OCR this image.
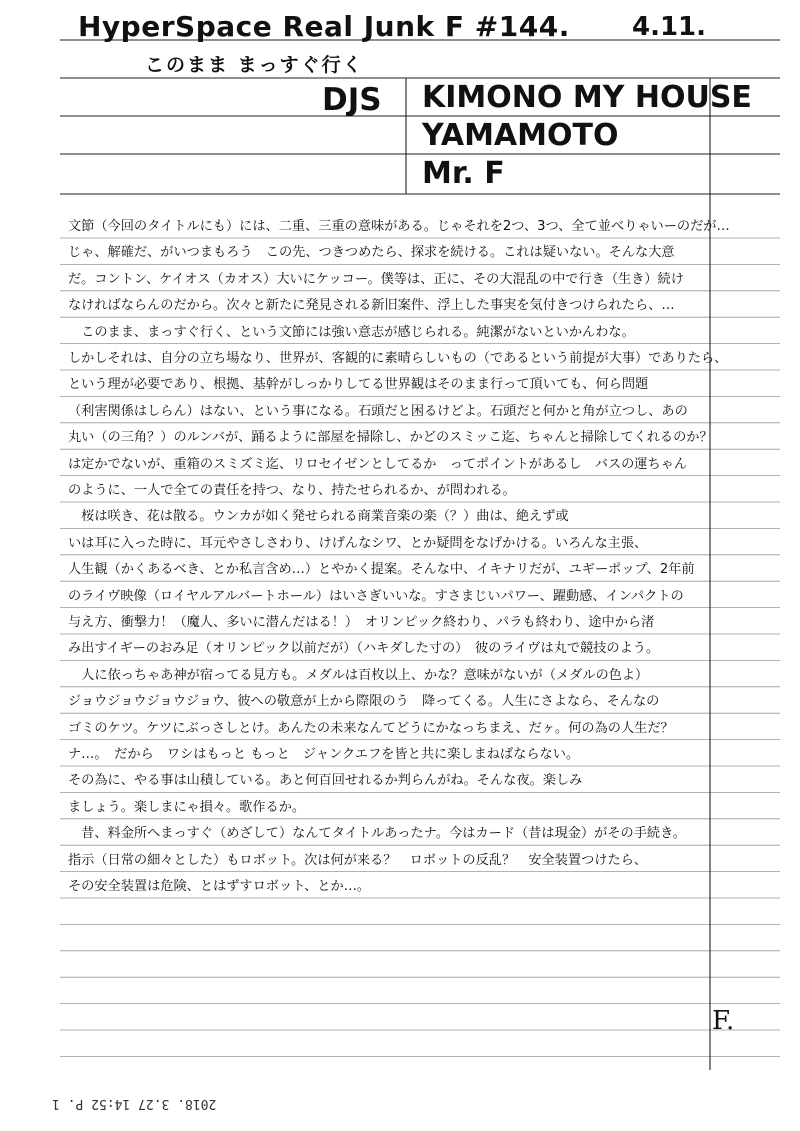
HyperSpace Real Junk F #144. 4.11.
このまま まっすぐ行く
DJS KIMONO MY HOUSE
YAMAMOTO
Mr. F
文節（今回のタイトルにも）には、二重、三重の意味がある。じゃそれを2つ、3つ、全て並べりゃいーのだが…
じゃ、解確だ、がいつまもろう　この先、つきつめたら、探求を続ける。これは疑いない。そんな大意
だ。コントン、ケイオス（カオス）大いにケッコー。僕等は、正に、その大混乱の中で行き（生き）続け
なければならんのだから。次々と新たに発見される新旧案件、浮上した事実を気付きつけられたら、…
　このまま、まっすぐ行く、という文節には強い意志が感じられる。純潔がないといかんわな。
しかしそれは、自分の立ち場なり、世界が、客観的に素晴らしいもの（であるという前提が大事）でありたら、
という理が必要であり、根拠、基幹がしっかりしてる世界観はそのまま行って頂いても、何ら問題
（利害関係はしらん）はない、という事になる。石頭だと困るけどよ。石頭だと何かと角が立つし、あの
丸い（の三角？）のルンバが、踊るように部屋を掃除し、かどのスミッこ迄、ちゃんと掃除してくれるのか？
は定かでないが、重箱のスミズミ迄、リロセイゼンとしてるか　ってポイントがあるし　バスの運ちゃん
のように、一人で全ての責任を持つ、なり、持たせられるか、が問われる。
　桜は咲き、花は散る。ウンカが如く発せられる商業音楽の楽（？）曲は、絶えず或
いは耳に入った時に、耳元やさしさわり、けげんなシワ、とか疑問をなげかける。いろんな主張、
人生観（かくあるべき、とか私言含め…）とやかく提案。そんな中、イキナリだが、ユギーポップ、2年前
のライヴ映像（ロイヤルアルバートホール）はいさぎいいな。すさまじいパワー、躍動感、インパクトの
与え方、衝撃力！（魔人、多いに潜んだはる！）　オリンピック終わり、パラも終わり、途中から渚
み出すイギーのおみ足（オリンピック以前だが）（ハキダした寸の）　彼のライヴは丸で競技のよう。
　人に依っちゃあ神が宿ってる見方も。メダルは百枚以上、かな？意味がないが（メダルの色よ）
ジョウジョウジョウジョウ、彼への敬意が上から際限のう　降ってくる。人生にさよなら、そんなの
ゴミのケツ。ケツにぶっさしとけ。あんたの未来なんてどうにかなっちまえ、だヶ。何の為の人生だ？
ナ…。　だから　ワシはもっと もっと　ジャンクエフを皆と共に楽しまねばならない。
その為に、やる事は山積している。あと何百回せれるか判らんがね。そんな夜。楽しみ
ましょう。楽しまにゃ損々。歌作るか。
　昔、料金所へまっすぐ（めざして）なんてタイトルあったナ。今はカード（昔は現金）がその手続き。
指示（日常の細々とした）もロボット。次は何が来る？　ロボットの反乱？　安全装置つけたら、
その安全装置は危険、とはずすロボット、とか…。
F.
2018. 3.27 14:52 P. 1
